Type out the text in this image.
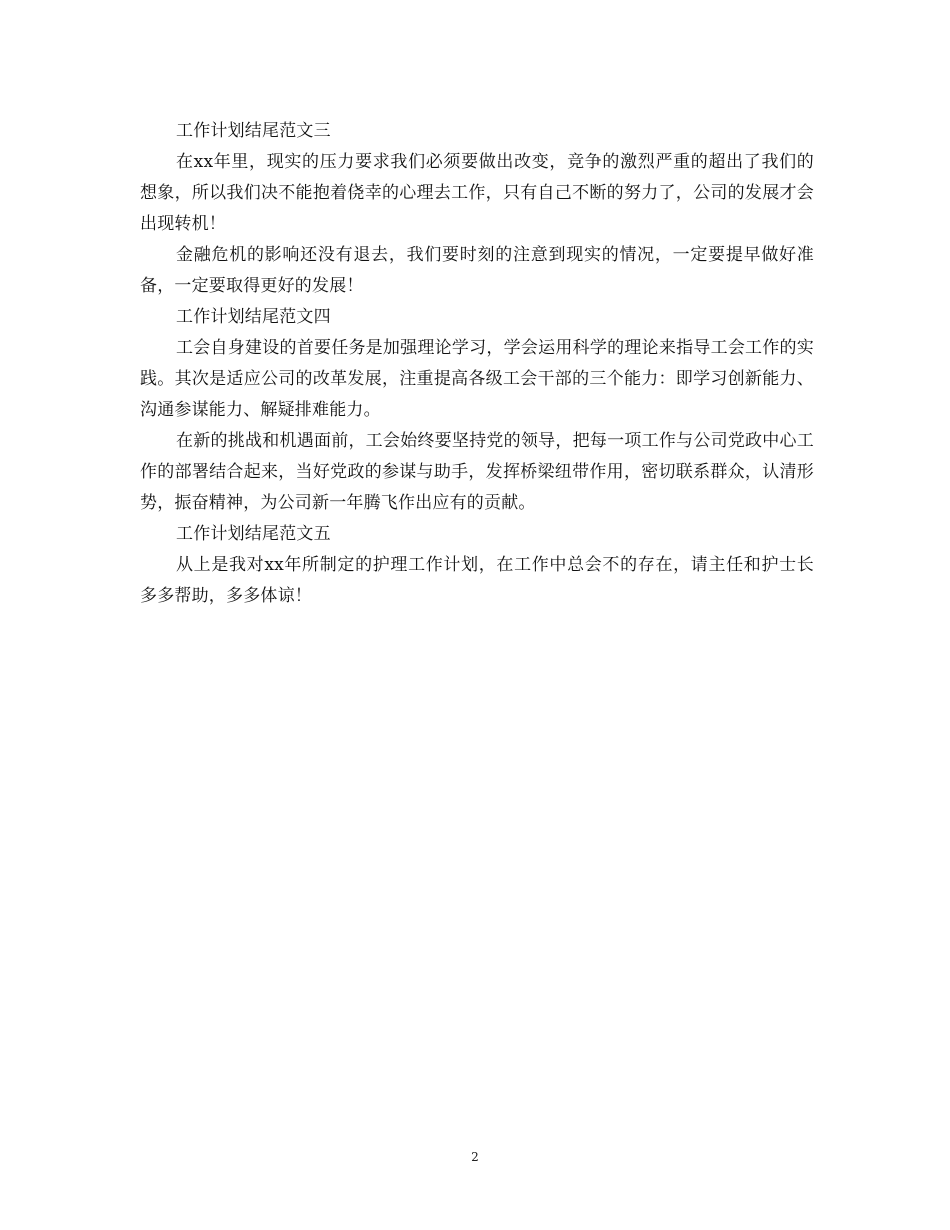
工作计划结尾范文三

在xx年里，现实的压力要求我们必须要做出改变，竞争的激烈严重的超出了我们的想象，所以我们决不能抱着侥幸的心理去工作，只有自己不断的努力了，公司的发展才会出现转机！

金融危机的影响还没有退去，我们要时刻的注意到现实的情况，一定要提早做好准备，一定要取得更好的发展！

工作计划结尾范文四

工会自身建设的首要任务是加强理论学习，学会运用科学的理论来指导工会工作的实践。其次是适应公司的改革发展，注重提高各级工会干部的三个能力：即学习创新能力、沟通参谋能力、解疑排难能力。

在新的挑战和机遇面前，工会始终要坚持党的领导，把每一项工作与公司党政中心工作的部署结合起来，当好党政的参谋与助手，发挥桥梁纽带作用，密切联系群众，认清形势，振奋精神，为公司新一年腾飞作出应有的贡献。

工作计划结尾范文五

从上是我对xx年所制定的护理工作计划，在工作中总会不的存在，请主任和护士长多多帮助，多多体谅！

2
